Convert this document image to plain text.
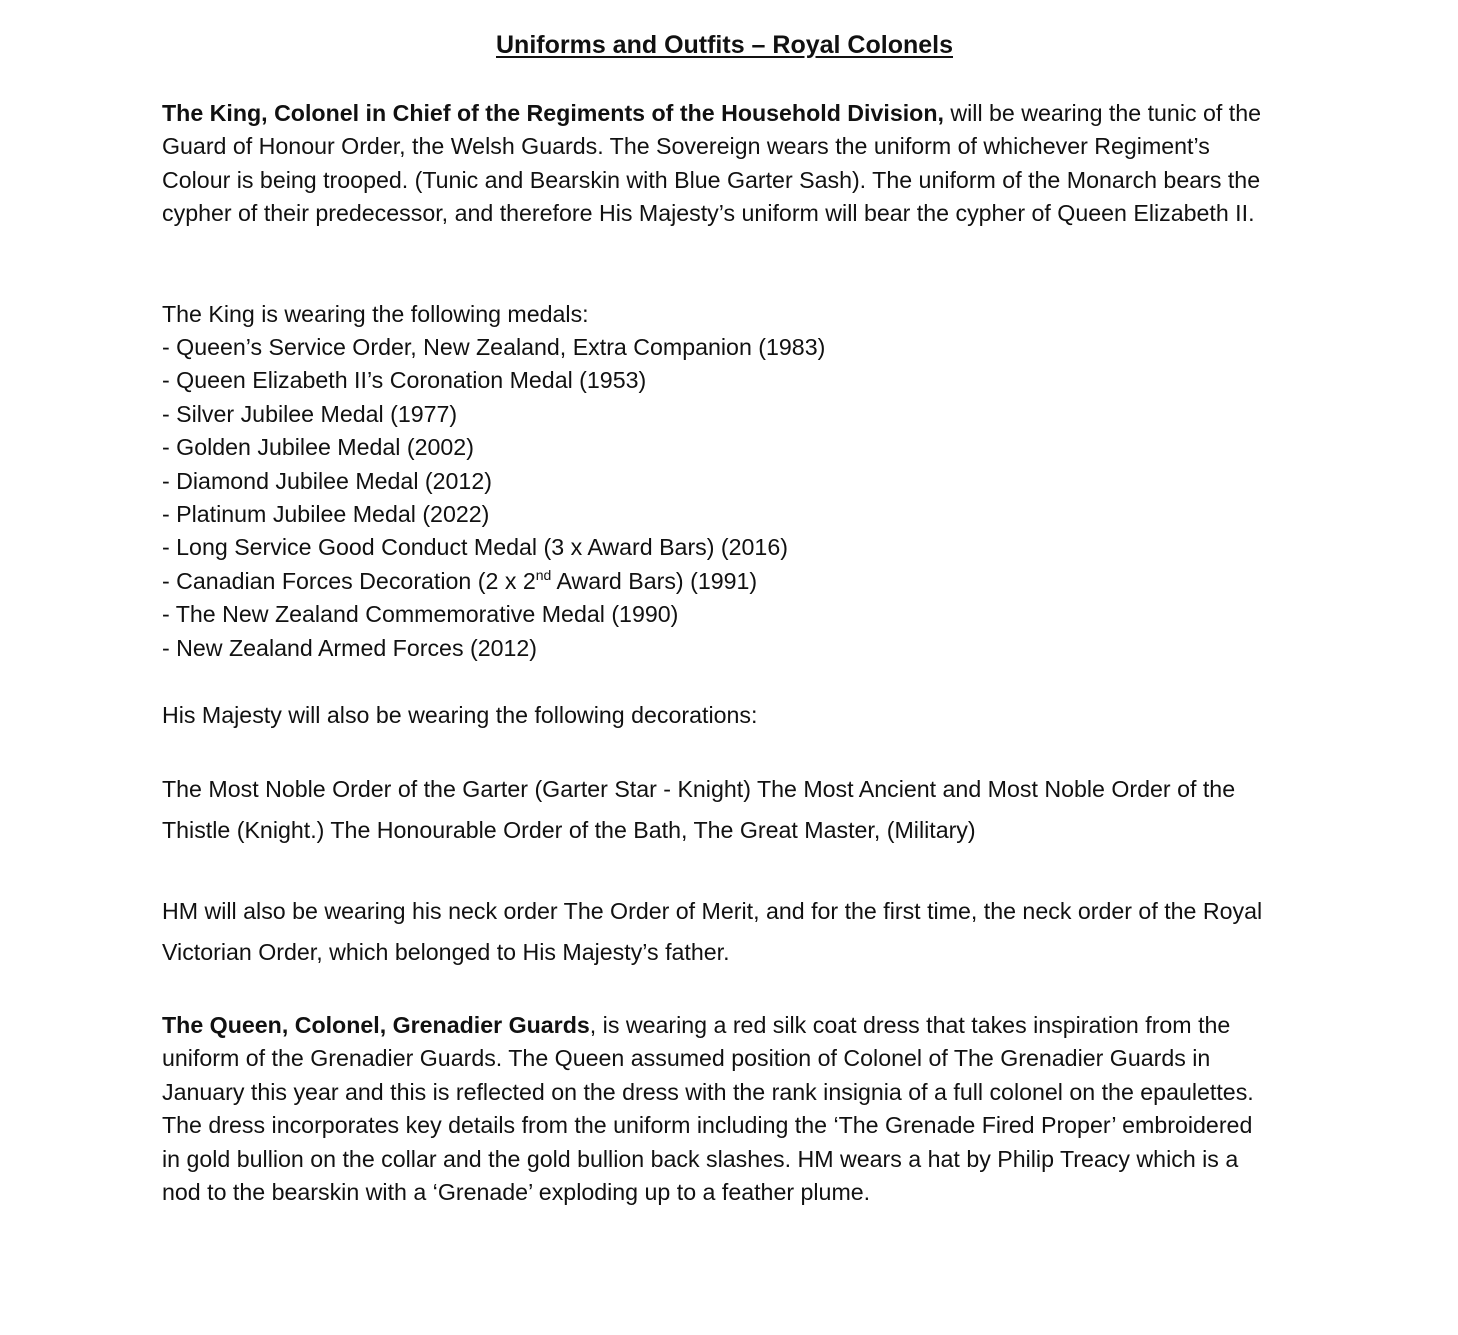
Uniforms and Outfits – Royal Colonels

The King, Colonel in Chief of the Regiments of the Household Division, will be wearing the tunic of the Guard of Honour Order, the Welsh Guards. The Sovereign wears the uniform of whichever Regiment’s Colour is being trooped. (Tunic and Bearskin with Blue Garter Sash). The uniform of the Monarch bears the cypher of their predecessor, and therefore His Majesty’s uniform will bear the cypher of Queen Elizabeth II.

The King is wearing the following medals:

- Queen’s Service Order, New Zealand, Extra Companion (1983)
- Queen Elizabeth II’s Coronation Medal (1953)
- Silver Jubilee Medal (1977)
- Golden Jubilee Medal (2002)
- Diamond Jubilee Medal (2012)
- Platinum Jubilee Medal (2022)
- Long Service Good Conduct Medal (3 x Award Bars) (2016)
- Canadian Forces Decoration (2 x 2nd Award Bars) (1991)
- The New Zealand Commemorative Medal (1990)
- New Zealand Armed Forces (2012)

His Majesty will also be wearing the following decorations:

The Most Noble Order of the Garter (Garter Star - Knight) The Most Ancient and Most Noble Order of the Thistle (Knight.) The Honourable Order of the Bath, The Great Master, (Military)

HM will also be wearing his neck order The Order of Merit, and for the first time, the neck order of the Royal Victorian Order, which belonged to His Majesty’s father.

The Queen, Colonel, Grenadier Guards, is wearing a red silk coat dress that takes inspiration from the uniform of the Grenadier Guards. The Queen assumed position of Colonel of The Grenadier Guards in January this year and this is reflected on the dress with the rank insignia of a full colonel on the epaulettes. The dress incorporates key details from the uniform including the ‘The Grenade Fired Proper’ embroidered in gold bullion on the collar and the gold bullion back slashes. HM wears a hat by Philip Treacy which is a nod to the bearskin with a ‘Grenade’ exploding up to a feather plume.
